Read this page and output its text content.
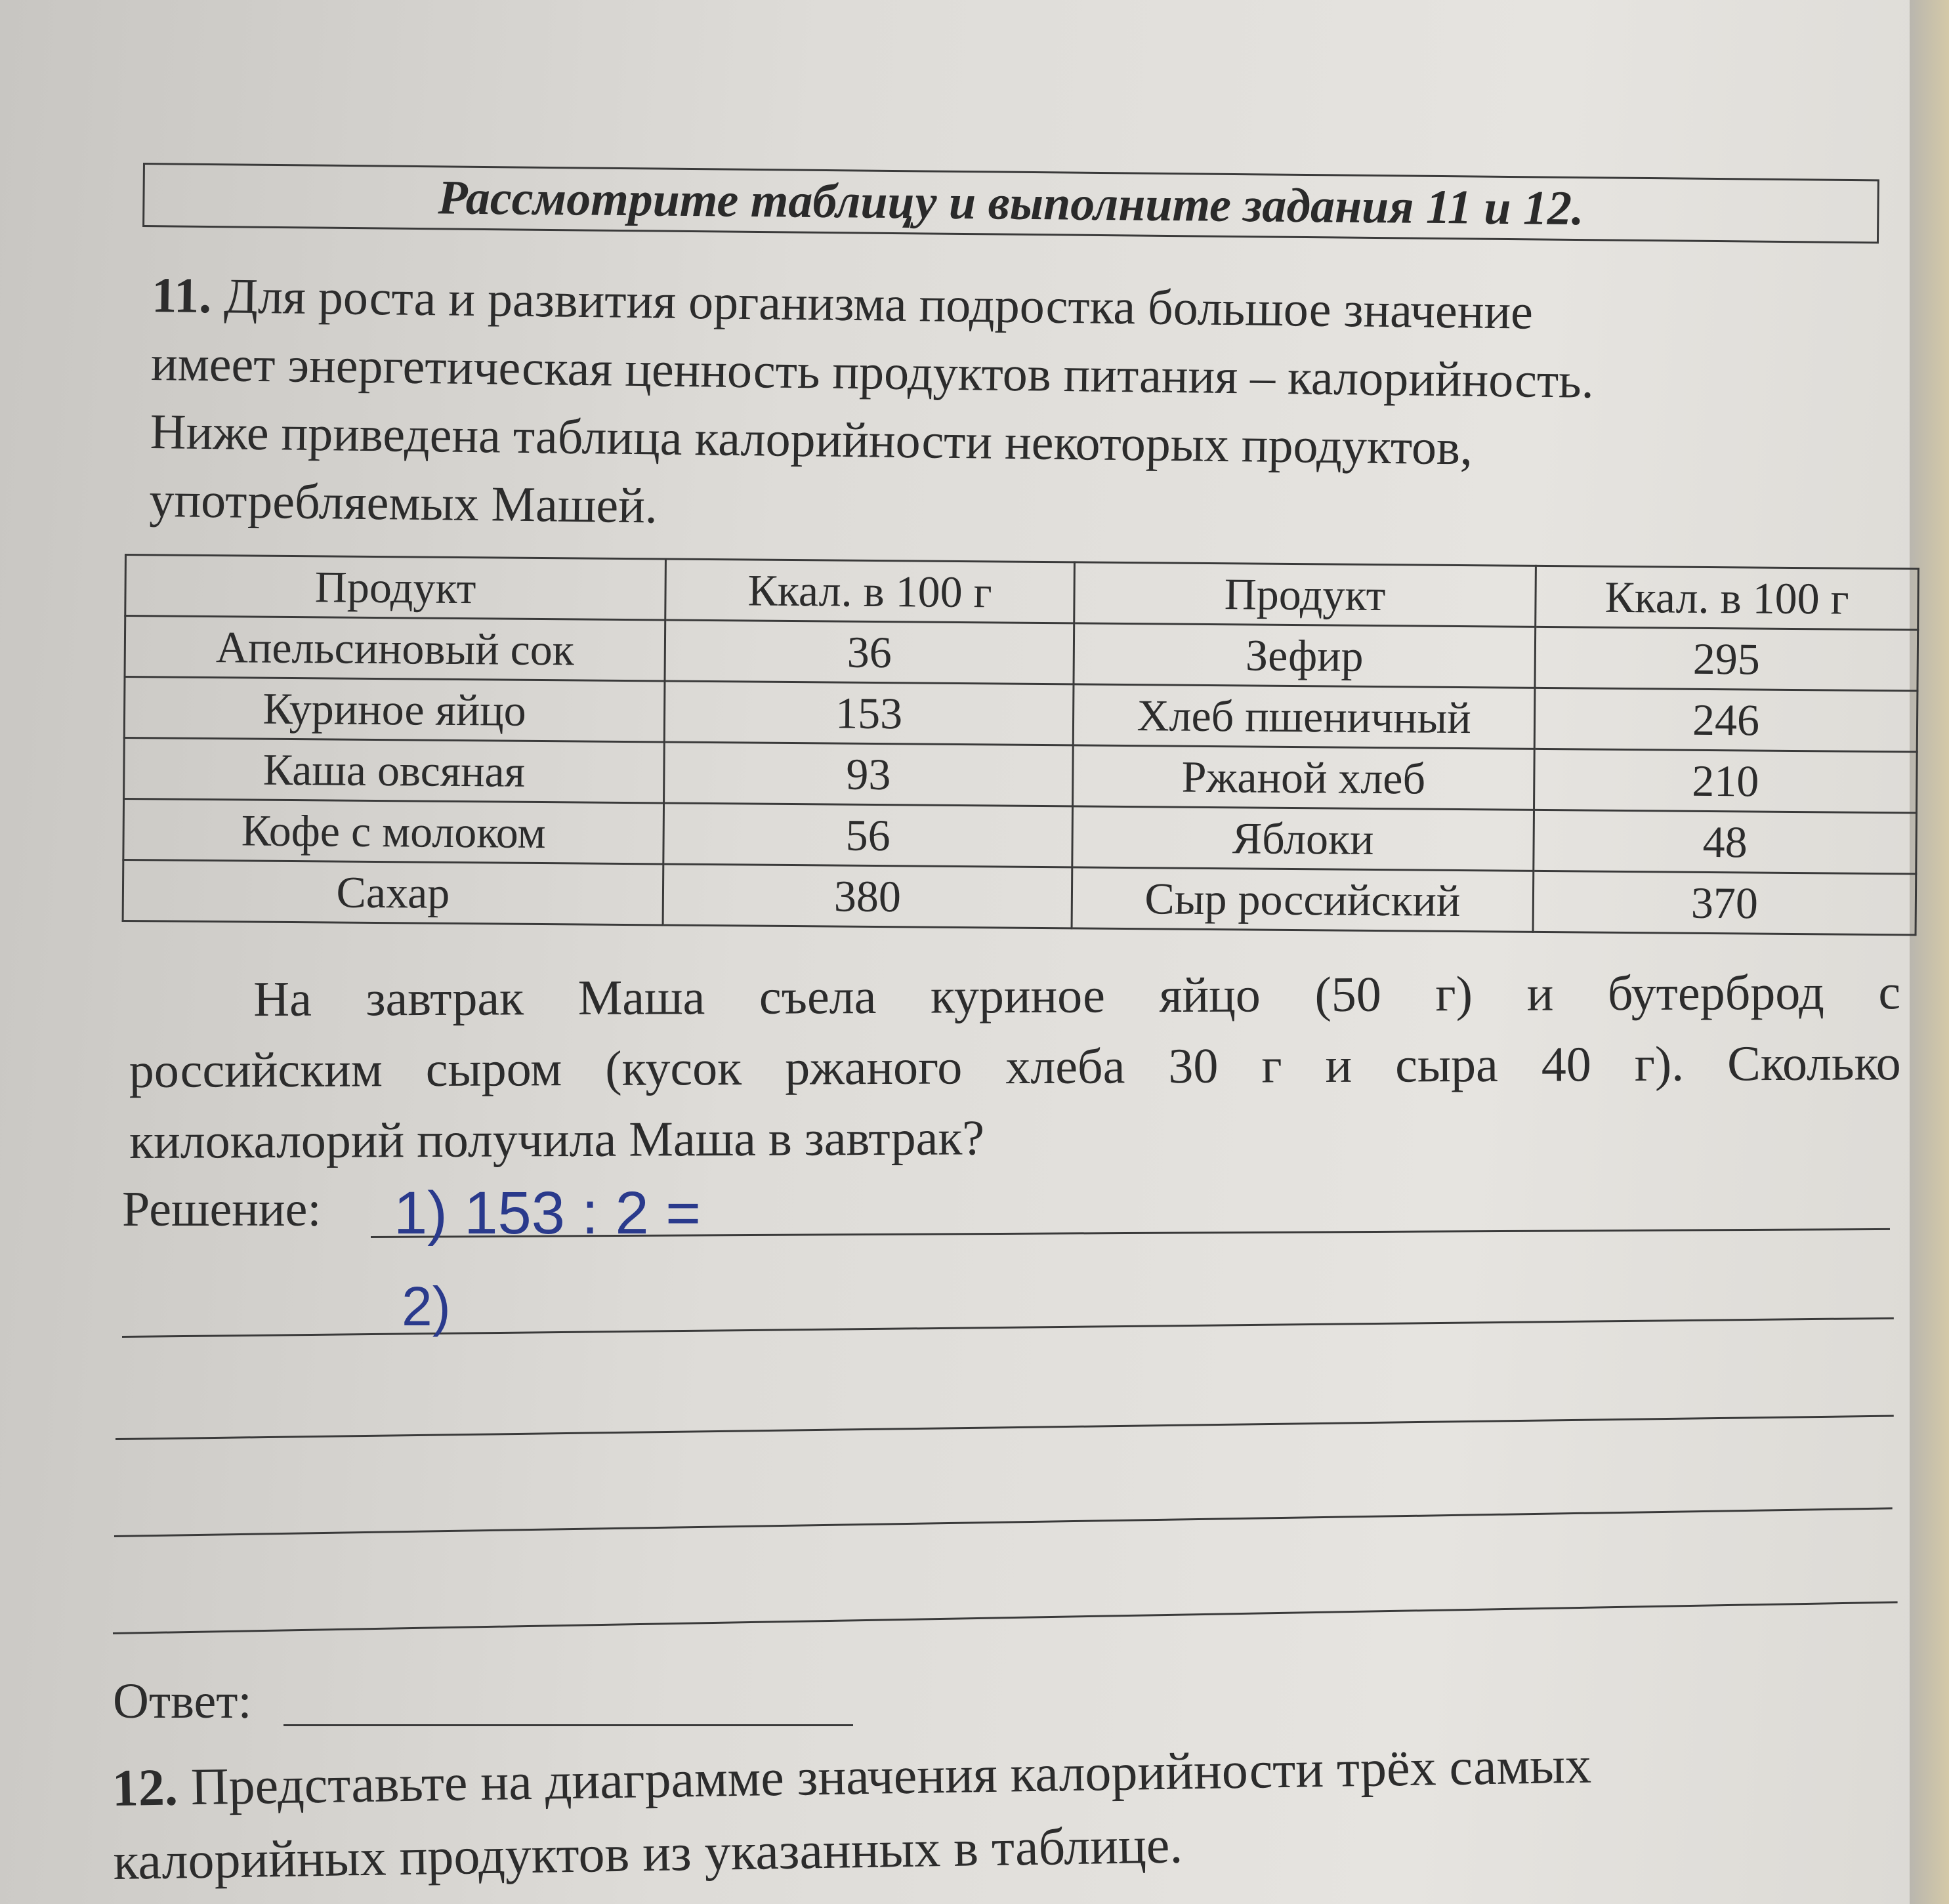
Рассмотрите таблицу и выполните задания 11 и 12.
11. Для роста и развития организма подростка большое значение
имеет энергетическая ценность продуктов питания – калорийность.
Ниже приведена таблица калорийности некоторых продуктов,
употребляемых Машей.
Продукт	Ккал. в 100 г	Продукт	Ккал. в 100 г
Апельсиновый сок	36	Зефир	295
Куриное яйцо	153	Хлеб пшеничный	246
Каша овсяная	93	Ржаной хлеб	210
Кофе с молоком	56	Яблоки	48
Сахар	380	Сыр российский	370
На завтрак Маша съела куриное яйцо (50 г) и бутерброд с
российским сыром (кусок ржаного хлеба 30 г и сыра 40 г). Сколько
килокалорий получила Маша в завтрак?
Решение: 1) 153 : 2 =
2)
Ответ:
12. Представьте на диаграмме значения калорийности трёх самых
калорийных продуктов из указанных в таблице.
